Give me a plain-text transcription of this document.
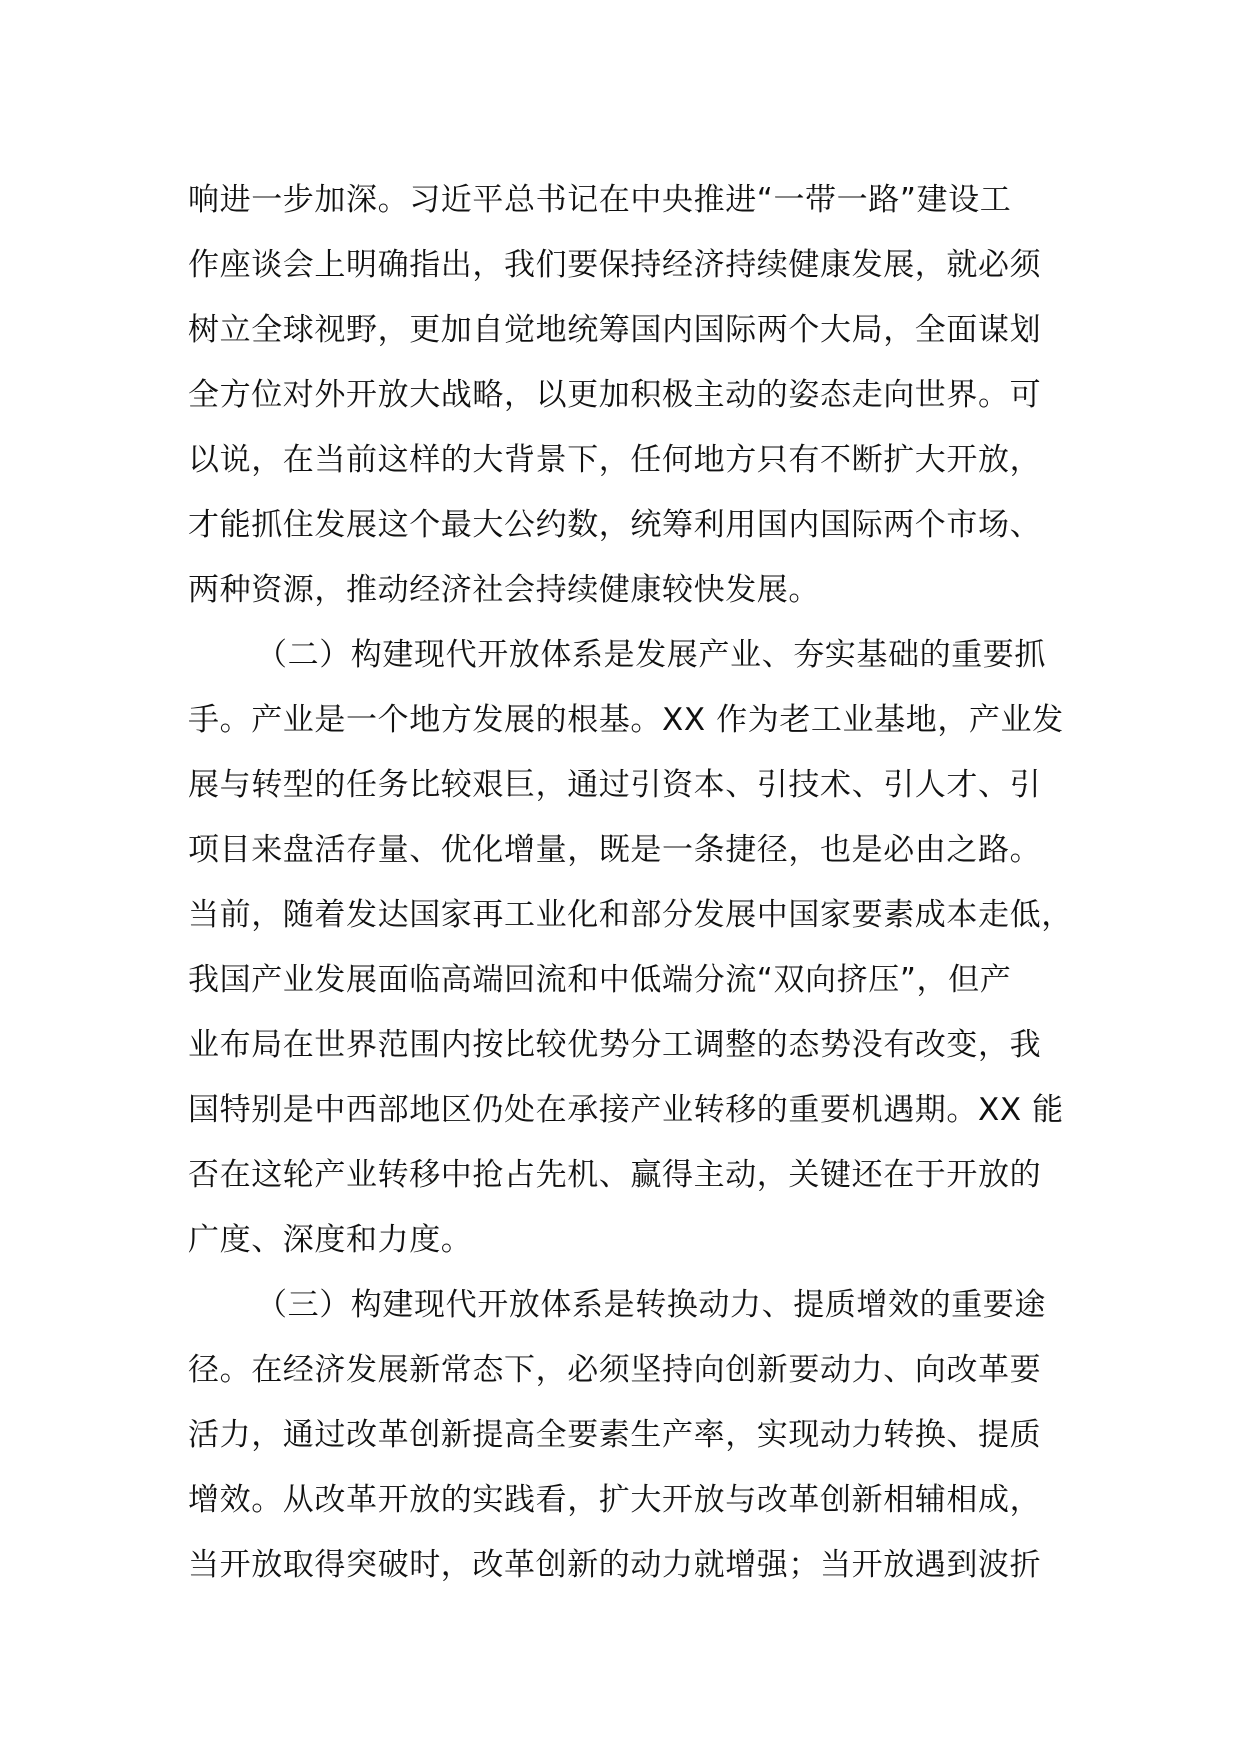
响进一步加深。习近平总书记在中央推进“一带一路”建设工
作座谈会上明确指出，我们要保持经济持续健康发展，就必须
树立全球视野，更加自觉地统筹国内国际两个大局，全面谋划
全方位对外开放大战略，以更加积极主动的姿态走向世界。可
以说，在当前这样的大背景下，任何地方只有不断扩大开放，
才能抓住发展这个最大公约数，统筹利用国内国际两个市场、
两种资源，推动经济社会持续健康较快发展。
（二）构建现代开放体系是发展产业、夯实基础的重要抓
手。产业是一个地方发展的根基。XX 作为老工业基地，产业发
展与转型的任务比较艰巨，通过引资本、引技术、引人才、引
项目来盘活存量、优化增量，既是一条捷径，也是必由之路。
当前，随着发达国家再工业化和部分发展中国家要素成本走低，
我国产业发展面临高端回流和中低端分流“双向挤压”，但产
业布局在世界范围内按比较优势分工调整的态势没有改变，我
国特别是中西部地区仍处在承接产业转移的重要机遇期。XX 能
否在这轮产业转移中抢占先机、赢得主动，关键还在于开放的
广度、深度和力度。
（三）构建现代开放体系是转换动力、提质增效的重要途
径。在经济发展新常态下，必须坚持向创新要动力、向改革要
活力，通过改革创新提高全要素生产率，实现动力转换、提质
增效。从改革开放的实践看，扩大开放与改革创新相辅相成，
当开放取得突破时，改革创新的动力就增强；当开放遇到波折
